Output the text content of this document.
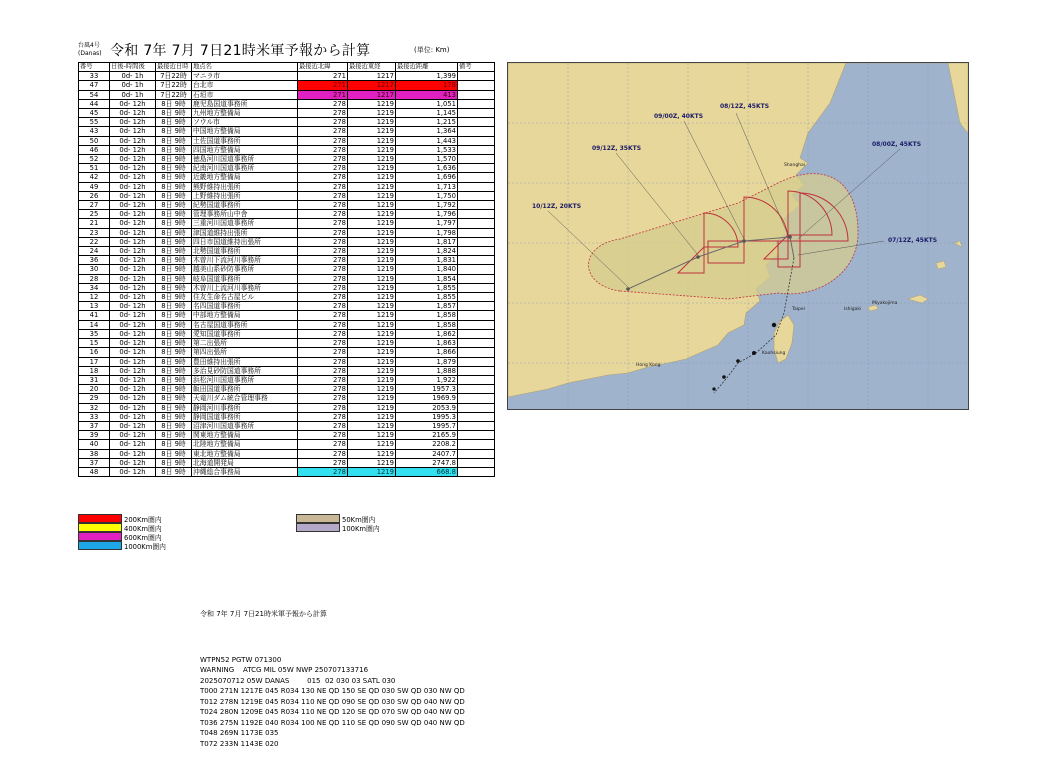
台風4号 (Danas) 令和 7年 7月 7日21時米軍予報から計算	(単位: Km)
番号	日後-時間後	最接近日時	地点名	最接近北緯	最接近東経	最接近距離	備考
33	0d- 1h	7日22時	マニラ市	271	1217	1,399	
47	0d- 1h	7日22時	台北市	271	1217	178	
54	0d- 1h	7日22時	石垣市	271	1217	413	
44	0d- 12h	8日 9時	鹿児島国道事務所	278	1219	1,051	
45	0d- 12h	8日 9時	九州地方整備局	278	1219	1,145	
55	0d- 12h	8日 9時	ソウル市	278	1219	1,215	
43	0d- 12h	8日 9時	中国地方整備局	278	1219	1,364	
50	0d- 12h	8日 9時	土佐国道事務所	278	1219	1,443	
46	0d- 12h	8日 9時	四国地方整備局	278	1219	1,533	
52	0d- 12h	8日 9時	徳島河川国道事務所	278	1219	1,570	
51	0d- 12h	8日 9時	紀南河川国道事務所	278	1219	1,636	
42	0d- 12h	8日 9時	近畿地方整備局	278	1219	1,696	
49	0d- 12h	8日 9時	熊野維持出張所	278	1219	1,713	
26	0d- 12h	8日 9時	上野維持出張所	278	1219	1,750	
27	0d- 12h	8日 9時	紀勢国道事務所	278	1219	1,792	
25	0d- 12h	8日 9時	管理事務所山中舎	278	1219	1,796	
21	0d- 12h	8日 9時	三重河川国道事務所	278	1219	1,797	
23	0d- 12h	8日 9時	津国道維持出張所	278	1219	1,798	
22	0d- 12h	8日 9時	四日市国道維持出張所	278	1219	1,817	
24	0d- 12h	8日 9時	北勢国道事務所	278	1219	1,824	
36	0d- 12h	8日 9時	木曽川下流河川事務所	278	1219	1,831	
30	0d- 12h	8日 9時	越美山系砂防事務所	278	1219	1,840	
28	0d- 12h	8日 9時	岐阜国道事務所	278	1219	1,854	
34	0d- 12h	8日 9時	木曽川上流河川事務所	278	1219	1,855	
12	0d- 12h	8日 9時	住友生命名古屋ビル	278	1219	1,855	
13	0d- 12h	8日 9時	名四国道事務所	278	1219	1,857	
41	0d- 12h	8日 9時	中部地方整備局	278	1219	1,858	
14	0d- 12h	8日 9時	名古屋国道事務所	278	1219	1,858	
35	0d- 12h	8日 9時	愛知国道事務所	278	1219	1,862	
15	0d- 12h	8日 9時	第二出張所	278	1219	1,863	
16	0d- 12h	8日 9時	第四出張所	278	1219	1,866	
17	0d- 12h	8日 9時	豊田維持出張所	278	1219	1,879	
18	0d- 12h	8日 9時	多治見砂防国道事務所	278	1219	1,888	
31	0d- 12h	8日 9時	浜松河川国道事務所	278	1219	1,922	
20	0d- 12h	8日 9時	飯田国道事務所	278	1219	1957.3	
29	0d- 12h	8日 9時	天竜川ダム統合管理事務	278	1219	1969.9	
32	0d- 12h	8日 9時	静岡河川事務所	278	1219	2053.9	
33	0d- 12h	8日 9時	静岡国道事務所	278	1219	1995.3	
37	0d- 12h	8日 9時	沼津河川国道事務所	278	1219	1995.7	
39	0d- 12h	8日 9時	関東地方整備局	278	1219	2165.9	
40	0d- 12h	8日 9時	北陸地方整備局	278	1219	2208.2	
38	0d- 12h	8日 9時	東北地方整備局	278	1219	2407.7	
37	0d- 12h	8日 9時	北海道開発局	278	1219	2747.8	
48	0d- 12h	8日 9時	沖縄総合事務局	278	1219	668.8	
200Km圏内
400Km圏内
600Km圏内
1000Km圏内
50Km圏内
100Km圏内

令和 7年 7月 7日21時米軍予報から計算

WTPN52 PGTW 071300
WARNING    ATCG MIL 05W NWP 250707133716
2025070712 05W DANAS        015  02 030 03 SATL 030
T000 271N 1217E 045 R034 130 NE QD 150 SE QD 030 SW QD 030 NW QD
T012 278N 1219E 045 R034 110 NE QD 090 SE QD 030 SW QD 040 NW QD
T024 280N 1209E 045 R034 110 NE QD 120 SE QD 070 SW QD 040 NW QD
T036 275N 1192E 040 R034 100 NE QD 110 SE QD 090 SW QD 040 NW QD
T048 269N 1173E 035
T072 233N 1143E 020

08/12Z, 45KTS
09/00Z, 40KTS
09/12Z, 35KTS
10/12Z, 20KTS
08/00Z, 45KTS
07/12Z, 45KTS
Shanghai
Taipei
Kaohsiung
Hong Kong
Miyakojima
Ishigaki
